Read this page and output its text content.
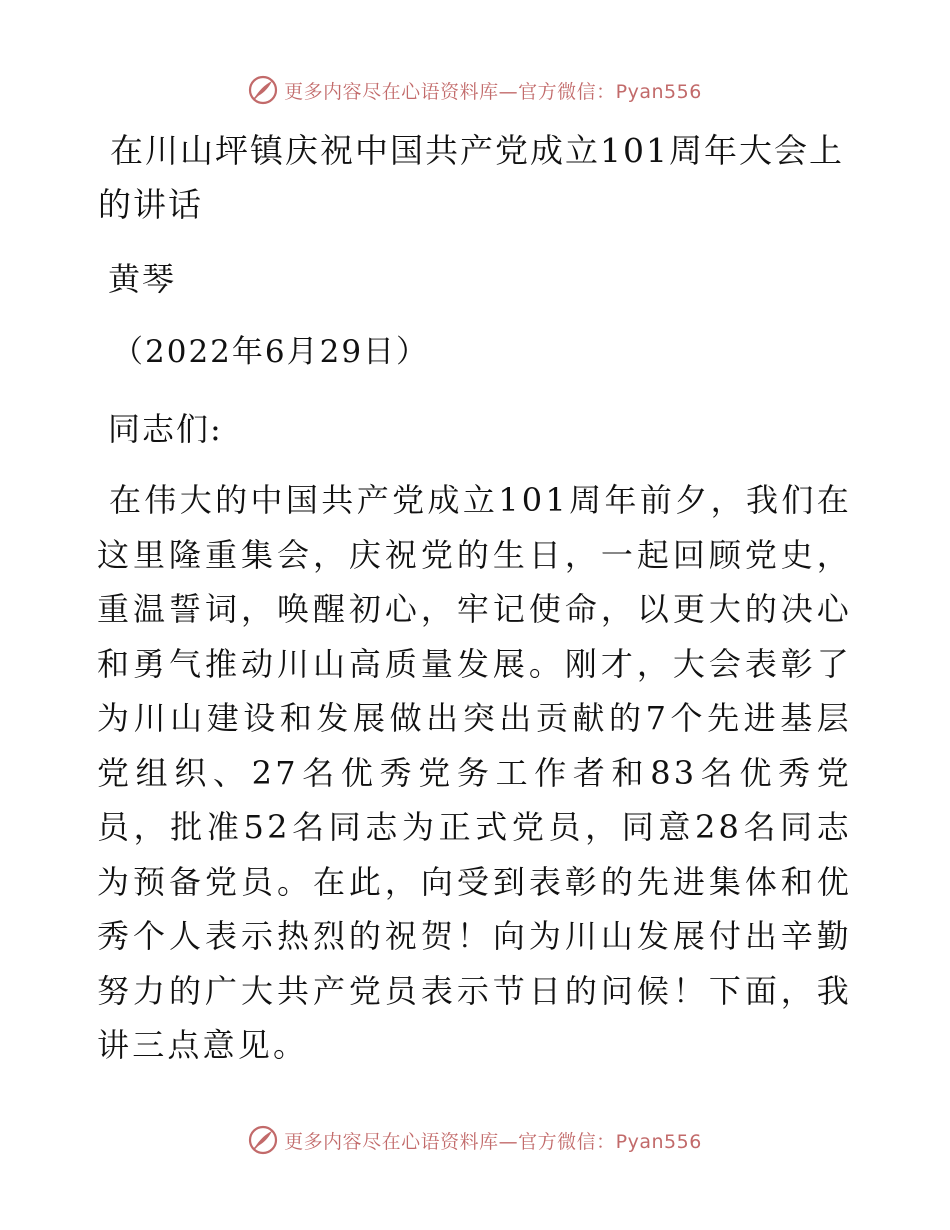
更多内容尽在心语资料库—官方微信：Pyan556
在川山坪镇庆祝中国共产党成立101周年大会上的讲话

黄琴

（2022年6月29日）

同志们:

在伟大的中国共产党成立101周年前夕，我们在这里隆重集会，庆祝党的生日，一起回顾党史，重温誓词，唤醒初心，牢记使命，以更大的决心和勇气推动川山高质量发展。刚才，大会表彰了为川山建设和发展做出突出贡献的7个先进基层党组织、27名优秀党务工作者和83名优秀党员，批准52名同志为正式党员，同意28名同志为预备党员。在此，向受到表彰的先进集体和优秀个人表示热烈的祝贺！向为川山发展付出辛勤努力的广大共产党员表示节日的问候！下面，我讲三点意见。

更多内容尽在心语资料库—官方微信：Pyan556
